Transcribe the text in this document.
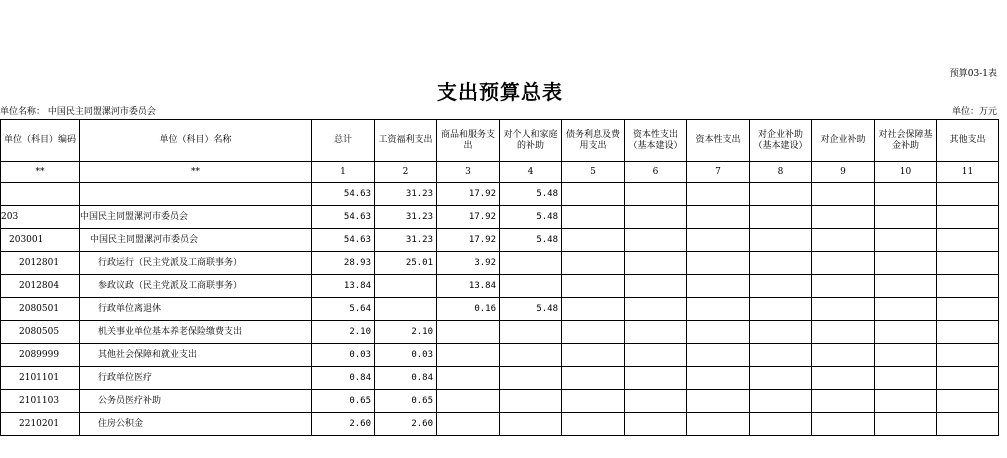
预算03-1表
支出预算总表
单位名称： 中国民主同盟漯河市委员会	单位：万元
单位（科目）编码	单位（科目）名称	总计	工资福利支出	商品和服务支出	对个人和家庭的补助	债务利息及费用支出	资本性支出（基本建设）	资本性支出	对企业补助（基本建设）	对企业补助	对社会保障基金补助	其他支出
**	**	1	2	3	4	5	6	7	8	9	10	11
		54.63	31.23	17.92	5.48							
203	中国民主同盟漯河市委员会	54.63	31.23	17.92	5.48							
203001	中国民主同盟漯河市委员会	54.63	31.23	17.92	5.48							
2012801	行政运行（民主党派及工商联事务）	28.93	25.01	3.92								
2012804	参政议政（民主党派及工商联事务）	13.84		13.84								
2080501	行政单位离退休	5.64		0.16	5.48							
2080505	机关事业单位基本养老保险缴费支出	2.10	2.10									
2089999	其他社会保障和就业支出	0.03	0.03									
2101101	行政单位医疗	0.84	0.84									
2101103	公务员医疗补助	0.65	0.65									
2210201	住房公积金	2.60	2.60									
